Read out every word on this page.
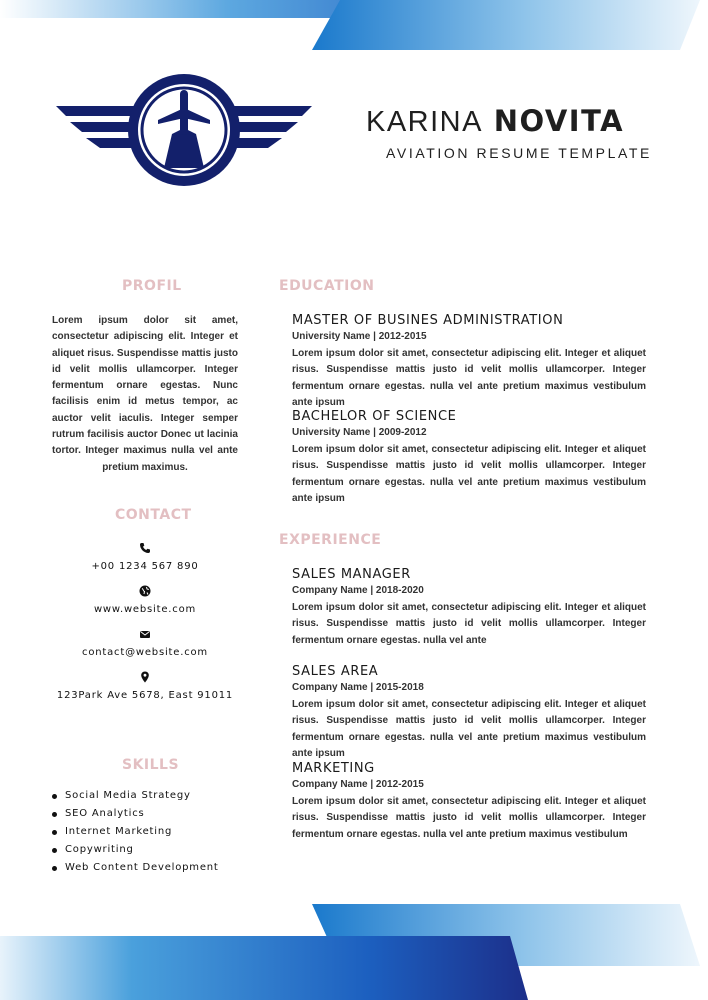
KARINA NOVITA
AVIATION RESUME TEMPLATE
PROFIL
Lorem ipsum dolor sit amet, consectetur adipiscing elit. Integer et aliquet risus. Suspendisse mattis justo id velit mollis ullamcorper. Integer fermentum ornare egestas. Nunc facilisis enim id metus tempor, ac auctor velit iaculis. Integer semper rutrum facilisis auctor Donec ut lacinia tortor. Integer maximus nulla vel ante pretium maximus.
CONTACT
+00 1234 567 890
www.website.com
contact@website.com
123Park Ave 5678, East 91011
SKILLS
Social Media Strategy
SEO Analytics
Internet Marketing
Copywriting
Web Content Development
EDUCATION
MASTER OF BUSINES ADMINISTRATION
University Name | 2012-2015
Lorem ipsum dolor sit amet, consectetur adipiscing elit. Integer et aliquet risus. Suspendisse mattis justo id velit mollis ullamcorper. Integer fermentum ornare egestas. nulla vel ante pretium maximus vestibulum ante ipsum
BACHELOR OF SCIENCE
University Name | 2009-2012
Lorem ipsum dolor sit amet, consectetur adipiscing elit. Integer et aliquet risus. Suspendisse mattis justo id velit mollis ullamcorper. Integer fermentum ornare egestas. nulla vel ante pretium maximus vestibulum ante ipsum
EXPERIENCE
SALES MANAGER
Company Name | 2018-2020
Lorem ipsum dolor sit amet, consectetur adipiscing elit. Integer et aliquet risus. Suspendisse mattis justo id velit mollis ullamcorper. Integer fermentum ornare egestas. nulla vel ante
SALES AREA
Company Name | 2015-2018
Lorem ipsum dolor sit amet, consectetur adipiscing elit. Integer et aliquet risus. Suspendisse mattis justo id velit mollis ullamcorper. Integer fermentum ornare egestas. nulla vel ante pretium maximus vestibulum ante ipsum
MARKETING
Company Name | 2012-2015
Lorem ipsum dolor sit amet, consectetur adipiscing elit. Integer et aliquet risus. Suspendisse mattis justo id velit mollis ullamcorper. Integer fermentum ornare egestas. nulla vel ante pretium maximus vestibulum
